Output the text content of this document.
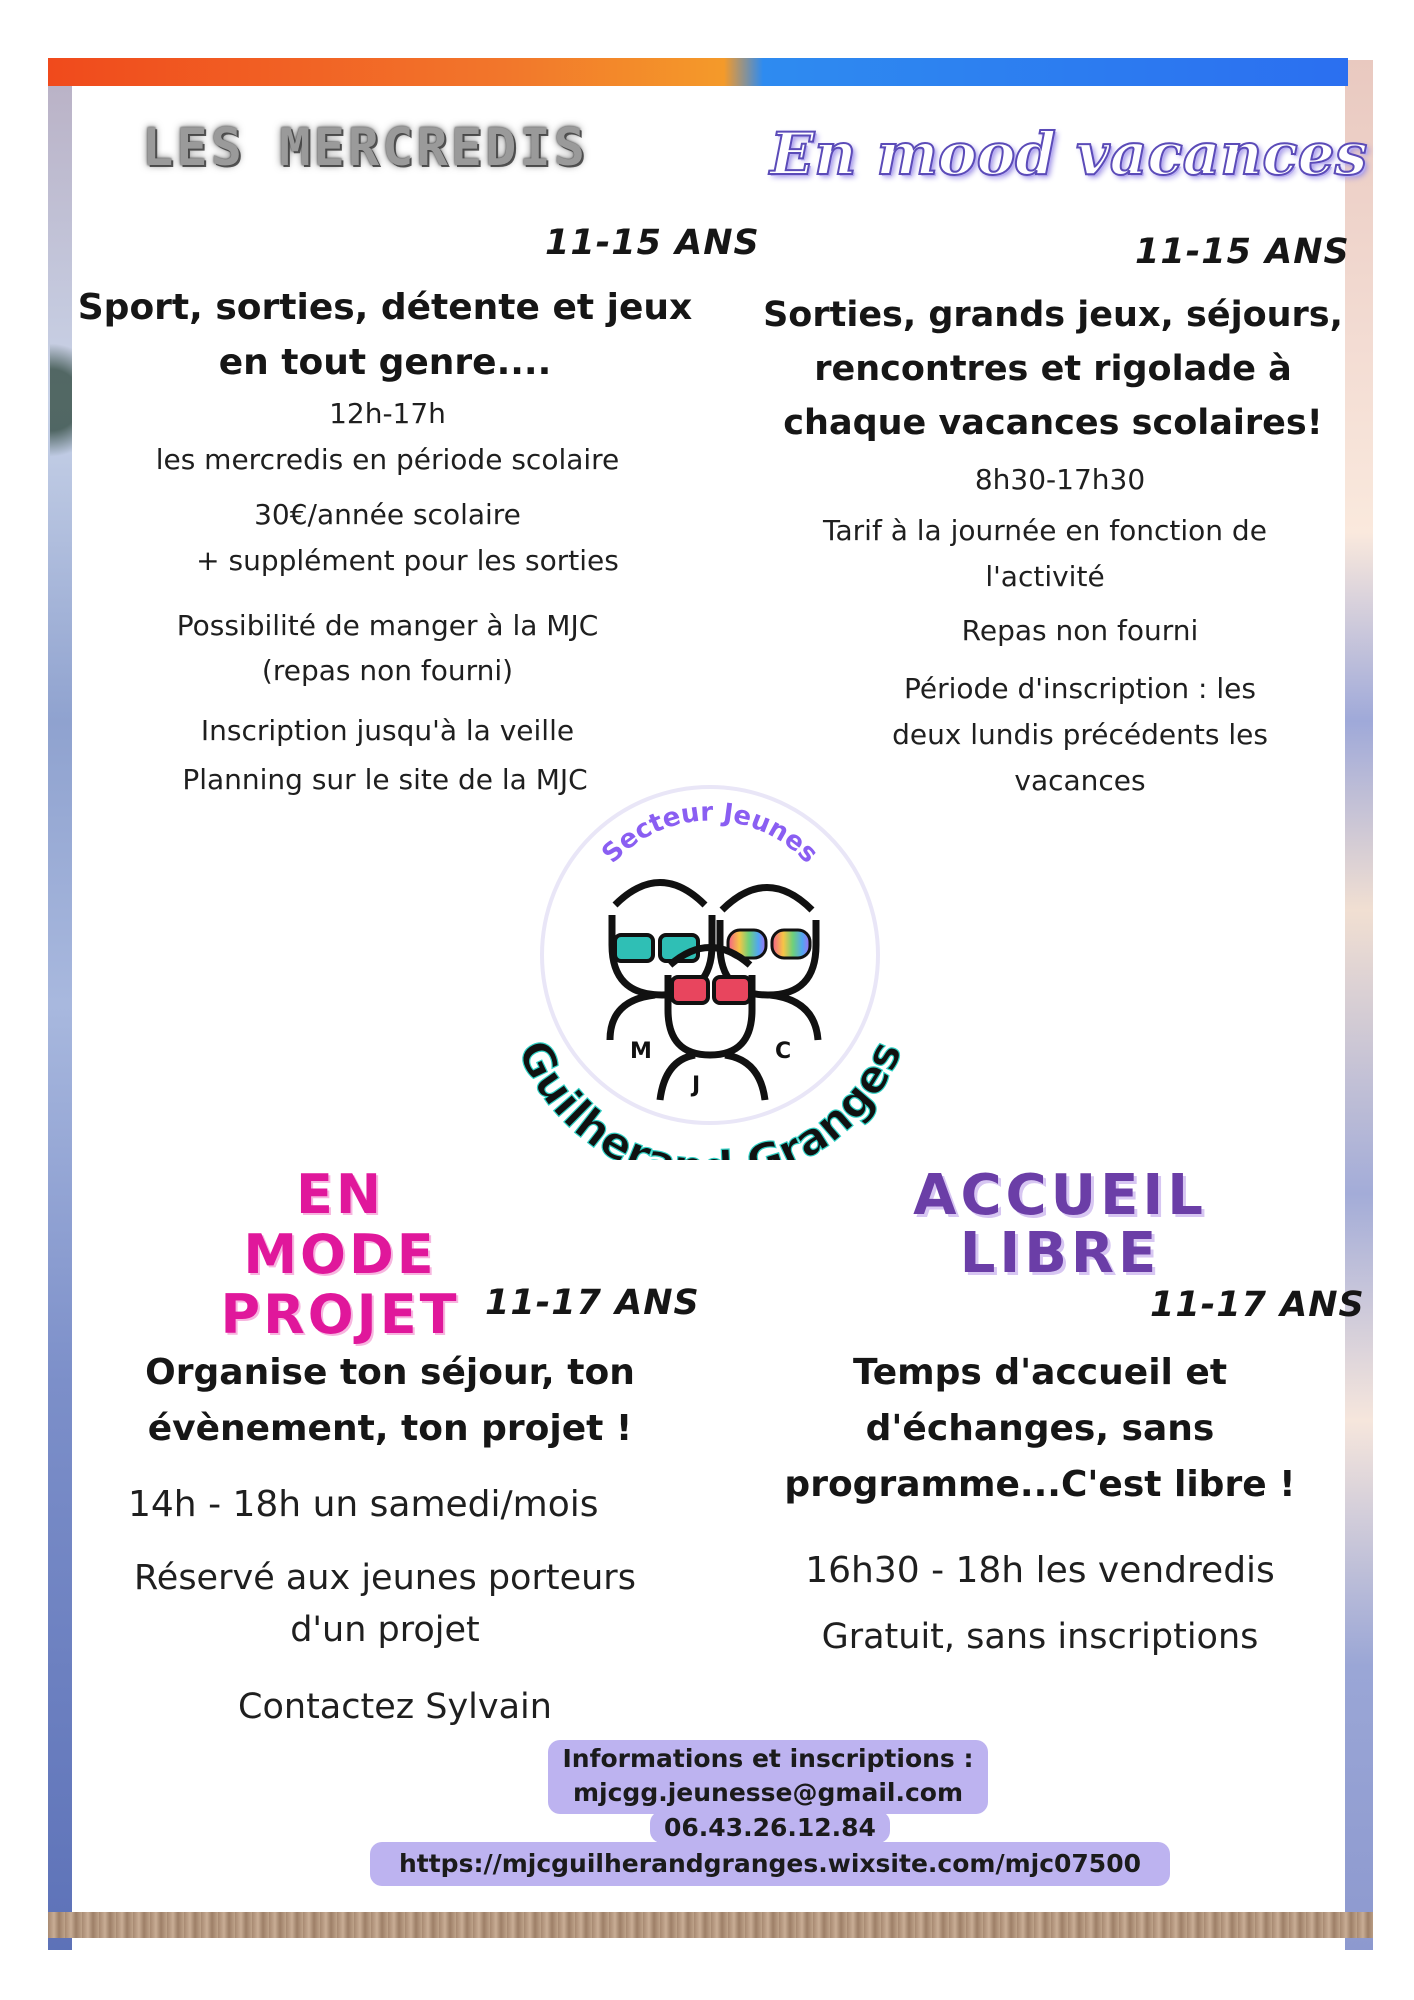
LES MERCREDIS
11-15 ANS
Sport, sorties, détente et jeux en tout genre....
12h-17h
les mercredis en période scolaire
30€/année scolaire
+ supplément pour les sorties
Possibilité de manger à la MJC
(repas non fourni)
Inscription jusqu'à la veille
Planning sur le site de la MJC
En mood vacances
11-15 ANS
Sorties, grands jeux, séjours, rencontres et rigolade à chaque vacances scolaires!
8h30-17h30
Tarif à la journée en fonction de l'activité
Repas non fourni
Période d'inscription : les deux lundis précédents les vacances
Secteur Jeunes
M
J
C
Guilher ranges
EN MODE PROJET 11-17 ANS
Organise ton séjour, ton évènement, ton projet !
14h - 18h un samedi/mois
Réservé aux jeunes porteurs d'un projet
Contactez Sylvain
ACCUEIL LIBRE
11-17 ANS
Temps d'accueil et d'échanges, sans programme...C'est libre !
16h30 - 18h les vendredis
Gratuit, sans inscriptions
Informations et inscriptions :
mjcgg.jeunesse@gmail.com
06.43.26.12.84
https://mjcguilherandgranges.wixsite.com/mjc07500
